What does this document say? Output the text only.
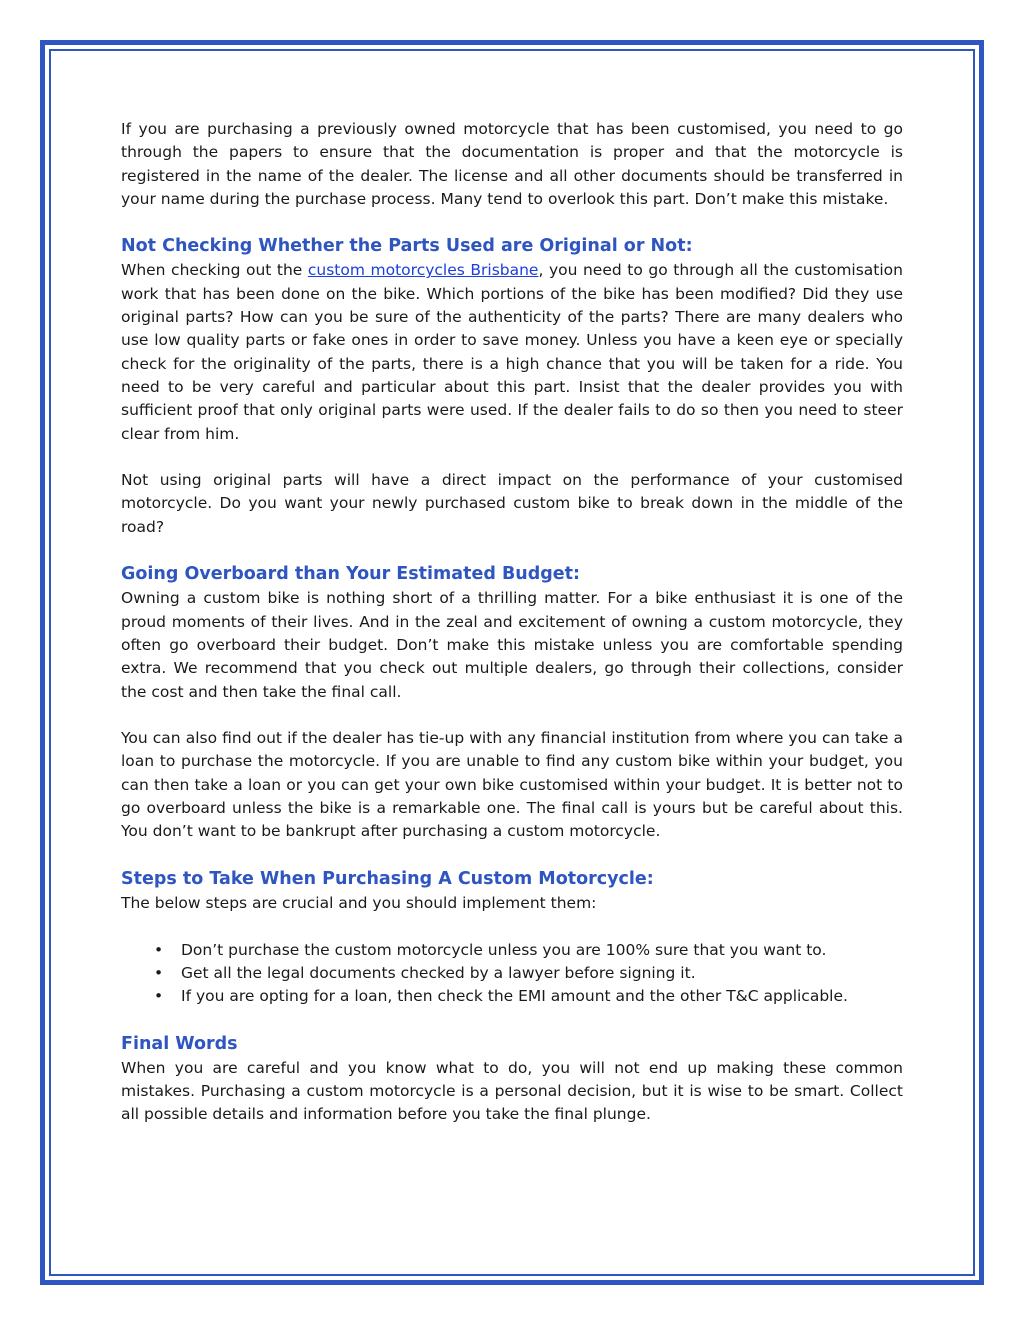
If you are purchasing a previously owned motorcycle that has been customised, you need to go through the papers to ensure that the documentation is proper and that the motorcycle is registered in the name of the dealer. The license and all other documents should be transferred in your name during the purchase process. Many tend to overlook this part. Don’t make this mistake.

Not Checking Whether the Parts Used are Original or Not:

When checking out the custom motorcycles Brisbane, you need to go through all the customisation work that has been done on the bike. Which portions of the bike has been modified? Did they use original parts? How can you be sure of the authenticity of the parts? There are many dealers who use low quality parts or fake ones in order to save money. Unless you have a keen eye or specially check for the originality of the parts, there is a high chance that you will be taken for a ride. You need to be very careful and particular about this part. Insist that the dealer provides you with sufficient proof that only original parts were used. If the dealer fails to do so then you need to steer clear from him.

Not using original parts will have a direct impact on the performance of your customised motorcycle. Do you want your newly purchased custom bike to break down in the middle of the road?

Going Overboard than Your Estimated Budget:

Owning a custom bike is nothing short of a thrilling matter. For a bike enthusiast it is one of the proud moments of their lives. And in the zeal and excitement of owning a custom motorcycle, they often go overboard their budget. Don’t make this mistake unless you are comfortable spending extra. We recommend that you check out multiple dealers, go through their collections, consider the cost and then take the final call.

You can also find out if the dealer has tie-up with any financial institution from where you can take a loan to purchase the motorcycle. If you are unable to find any custom bike within your budget, you can then take a loan or you can get your own bike customised within your budget. It is better not to go overboard unless the bike is a remarkable one. The final call is yours but be careful about this. You don’t want to be bankrupt after purchasing a custom motorcycle.

Steps to Take When Purchasing A Custom Motorcycle:

The below steps are crucial and you should implement them:

• Don’t purchase the custom motorcycle unless you are 100% sure that you want to.
• Get all the legal documents checked by a lawyer before signing it.
• If you are opting for a loan, then check the EMI amount and the other T&C applicable.
Final Words

When you are careful and you know what to do, you will not end up making these common mistakes. Purchasing a custom motorcycle is a personal decision, but it is wise to be smart. Collect all possible details and information before you take the final plunge.
